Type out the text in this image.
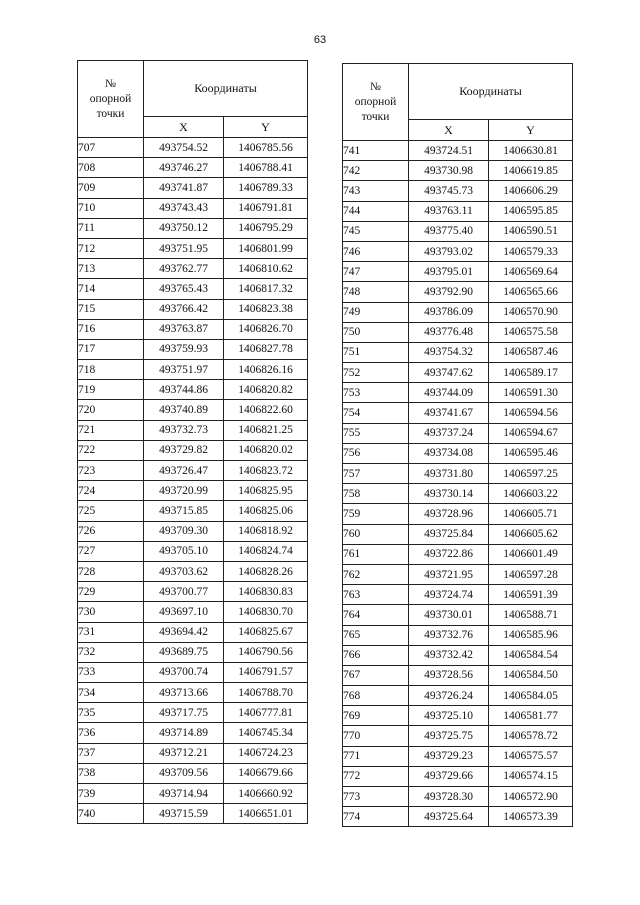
63
№
опорной
точки	Координаты	
	X	Y
707	493754.52	1406785.56
708	493746.27	1406788.41
709	493741.87	1406789.33
710	493743.43	1406791.81
711	493750.12	1406795.29
712	493751.95	1406801.99
713	493762.77	1406810.62
714	493765.43	1406817.32
715	493766.42	1406823.38
716	493763.87	1406826.70
717	493759.93	1406827.78
718	493751.97	1406826.16
719	493744.86	1406820.82
720	493740.89	1406822.60
721	493732.73	1406821.25
722	493729.82	1406820.02
723	493726.47	1406823.72
724	493720.99	1406825.95
725	493715.85	1406825.06
726	493709.30	1406818.92
727	493705.10	1406824.74
728	493703.62	1406828.26
729	493700.77	1406830.83
730	493697.10	1406830.70
731	493694.42	1406825.67
732	493689.75	1406790.56
733	493700.74	1406791.57
734	493713.66	1406788.70
735	493717.75	1406777.81
736	493714.89	1406745.34
737	493712.21	1406724.23
738	493709.56	1406679.66
739	493714.94	1406660.92
740	493715.59	1406651.01
№
опорной
точки	Координаты	
	X	Y
741	493724.51	1406630.81
742	493730.98	1406619.85
743	493745.73	1406606.29
744	493763.11	1406595.85
745	493775.40	1406590.51
746	493793.02	1406579.33
747	493795.01	1406569.64
748	493792.90	1406565.66
749	493786.09	1406570.90
750	493776.48	1406575.58
751	493754.32	1406587.46
752	493747.62	1406589.17
753	493744.09	1406591.30
754	493741.67	1406594.56
755	493737.24	1406594.67
756	493734.08	1406595.46
757	493731.80	1406597.25
758	493730.14	1406603.22
759	493728.96	1406605.71
760	493725.84	1406605.62
761	493722.86	1406601.49
762	493721.95	1406597.28
763	493724.74	1406591.39
764	493730.01	1406588.71
765	493732.76	1406585.96
766	493732.42	1406584.54
767	493728.56	1406584.50
768	493726.24	1406584.05
769	493725.10	1406581.77
770	493725.75	1406578.72
771	493729.23	1406575.57
772	493729.66	1406574.15
773	493728.30	1406572.90
774	493725.64	1406573.39
